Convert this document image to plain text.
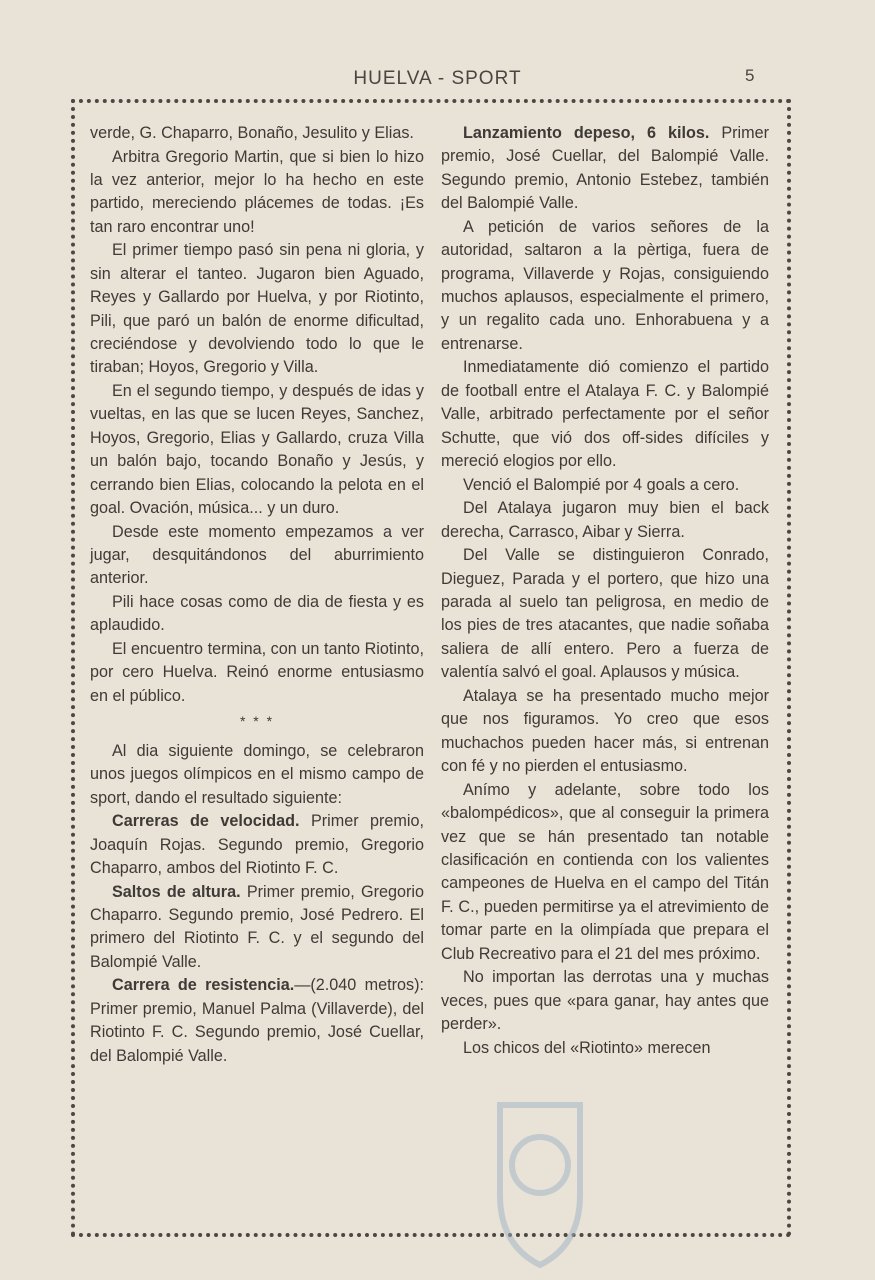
HUELVA - SPORT	5

verde, G. Chaparro, Bonaño, Jesulito y Elias.

Arbitra Gregorio Martin, que si bien lo hizo la vez anterior, mejor lo ha hecho en este partido, mereciendo plácemes de todas. ¡Es tan raro encontrar uno!

El primer tiempo pasó sin pena ni gloria, y sin alterar el tanteo. Jugaron bien Aguado, Reyes y Gallardo por Huelva, y por Riotinto, Pili, que paró un balón de enorme dificultad, creciéndose y devolviendo todo lo que le tiraban; Hoyos, Gregorio y Villa.

En el segundo tiempo, y después de idas y vueltas, en las que se lucen Reyes, Sanchez, Hoyos, Gregorio, Elias y Gallardo, cruza Villa un balón bajo, tocando Bonaño y Jesús, y cerrando bien Elias, colocando la pelota en el goal. Ovación, música... y un duro.

Desde este momento empezamos a ver jugar, desquitándonos del aburrimiento anterior.

Pili hace cosas como de dia de fiesta y es aplaudido.

El encuentro termina, con un tanto Riotinto, por cero Huelva. Reinó enorme entusiasmo en el público.

* * *

Al dia siguiente domingo, se celebraron unos juegos olímpicos en el mismo campo de sport, dando el resultado siguiente:

Carreras de velocidad. Primer premio, Joaquín Rojas. Segundo premio, Gregorio Chaparro, ambos del Riotinto F. C.

Saltos de altura. Primer premio, Gregorio Chaparro. Segundo premio, José Pedrero. El primero del Riotinto F. C. y el segundo del Balompié Valle.

Carrera de resistencia.—(2.040 metros): Primer premio, Manuel Palma (Villaverde), del Riotinto F. C. Segundo premio, José Cuellar, del Balompié Valle.

Lanzamiento depeso, 6 kilos. Primer premio, José Cuellar, del Balompié Valle. Segundo premio, Antonio Estebez, también del Balompié Valle.

A petición de varios señores de la autoridad, saltaron a la pèrtiga, fuera de programa, Villaverde y Rojas, consiguiendo muchos aplausos, especialmente el primero, y un regalito cada uno. Enhorabuena y a entrenarse.

Inmediatamente dió comienzo el partido de football entre el Atalaya F. C. y Balompié Valle, arbitrado perfectamente por el señor Schutte, que vió dos off-sides difíciles y mereció elogios por ello.

Venció el Balompié por 4 goals a cero.

Del Atalaya jugaron muy bien el back derecha, Carrasco, Aibar y Sierra.

Del Valle se distinguieron Conrado, Dieguez, Parada y el portero, que hizo una parada al suelo tan peligrosa, en medio de los pies de tres atacantes, que nadie soñaba saliera de allí entero. Pero a fuerza de valentía salvó el goal. Aplausos y música.

Atalaya se ha presentado mucho mejor que nos figuramos. Yo creo que esos muchachos pueden hacer más, si entrenan con fé y no pierden el entusiasmo.

Anímo y adelante, sobre todo los «balompédicos», que al conseguir la primera vez que se hán presentado tan notable clasificación en contienda con los valientes campeones de Huelva en el campo del Titán F. C., pueden permitirse ya el atrevimiento de tomar parte en la olimpíada que prepara el Club Recreativo para el 21 del mes próximo.

No importan las derrotas una y muchas veces, pues que «para ganar, hay antes que perder».

Los chicos del «Riotinto» merecen
